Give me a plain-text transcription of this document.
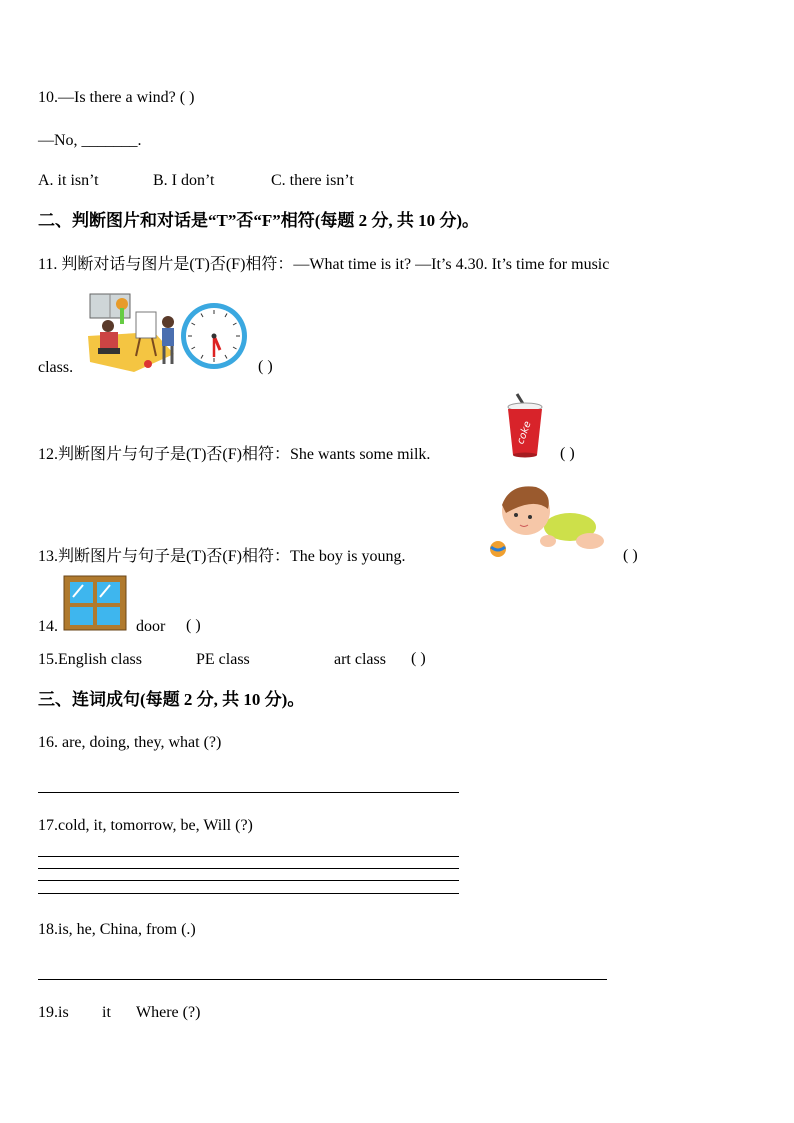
10.—Is there a wind? ( )
—No, _______.
A. it isn’t	B. I don’t	C. there isn’t
二、判断图片和对话是“T”否“F”相符(每题 2 分, 共 10 分)。
11. 判断对话与图片是(T)否(F)相符：—What time is it? —It’s 4.30. It’s time for music
class.	( )
12.判断图片与句子是(T)否(F)相符：She wants some milk.
coke
( )
13.判断图片与句子是(T)否(F)相符：The boy is young.	( )
14.	door ( )
15.English class	PE class	art class ( )
三、连词成句(每题 2 分, 共 10 分)。
16. are, doing, they, what (?)
17.cold, it, tomorrow, be, Will (?)
18.is, he, China, from (.)
19.is it Where (?)
